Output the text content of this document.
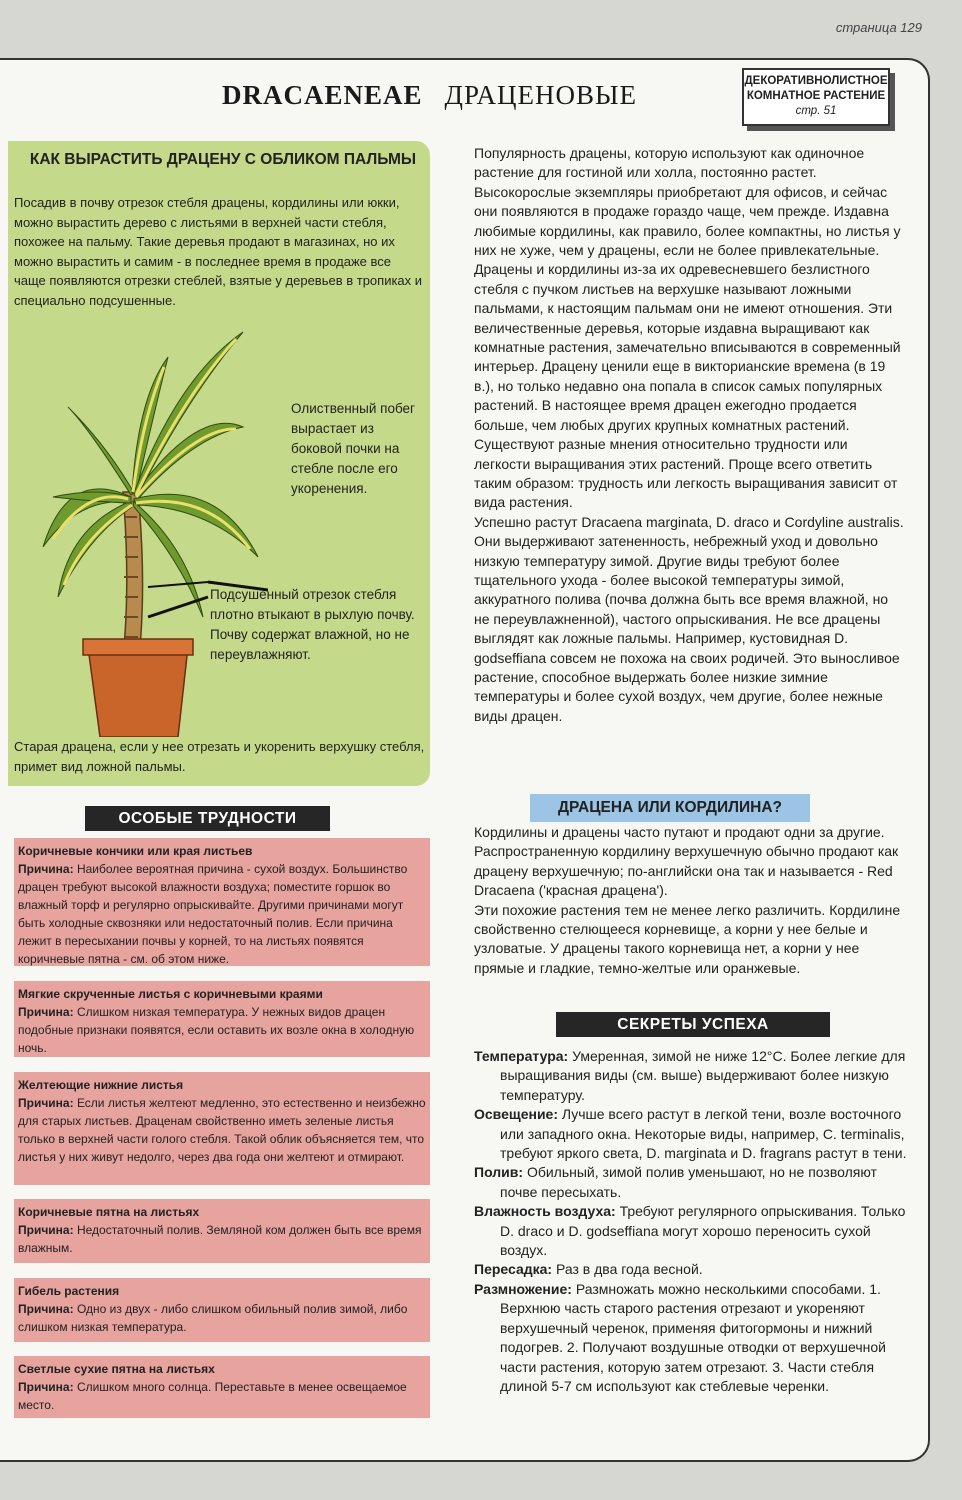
страница 129
DRACAENEAE ДРАЦЕНОВЫЕ	ДЕКОРАТИВНОЛИСТНОЕ
КОМНАТНОЕ РАСТЕНИЕ
стр. 51
КАК ВЫРАСТИТЬ ДРАЦЕНУ С ОБЛИКОМ ПАЛЬМЫ
Посадив в почву отрезок стебля драцены, кордилины или юкки, можно вырастить дерево с листьями в верхней части стебля, похожее на пальму. Такие деревья продают в магазинах, но их можно вырастить и самим - в последнее время в продаже все чаще появляются отрезки стеблей, взятые у деревьев в тропиках и специально подсушенные.
Олиственный побег вырастает из боковой почки на стебле после его укоренения.
Подсушенный отрезок стебля плотно втыкают в рыхлую почву. Почву содержат влажной, но не переувлажняют.
Старая драцена, если у нее отрезать и укоренить верхушку стебля, примет вид ложной пальмы.
ОСОБЫЕ ТРУДНОСТИ
Коричневые кончики или края листьев
Причина: Наиболее вероятная причина - сухой воздух. Большинство драцен требуют высокой влажности воздуха; поместите горшок во влажный торф и регулярно опрыскивайте. Другими причинами могут быть холодные сквозняки или недостаточный полив. Если причина лежит в пересыхании почвы у корней, то на листьях появятся коричневые пятна - см. об этом ниже.
Мягкие скрученные листья с коричневыми краями
Причина: Слишком низкая температура. У нежных видов драцен подобные признаки появятся, если оставить их возле окна в холодную ночь.
Желтеющие нижние листья
Причина: Если листья желтеют медленно, это естественно и неизбежно для старых листьев. Драценам свойственно иметь зеленые листья только в верхней части голого стебля. Такой облик объясняется тем, что листья у них живут недолго, через два года они желтеют и отмирают.
Коричневые пятна на листьях
Причина: Недостаточный полив. Земляной ком должен быть все время влажным.
Гибель растения
Причина: Одно из двух - либо слишком обильный полив зимой, либо слишком низкая температура.
Светлые сухие пятна на листьях
Причина: Слишком много солнца. Переставьте в менее освещаемое место.

Популярность драцены, которую используют как одиночное растение для гостиной или холла, постоянно растет. Высокорослые экземпляры приобретают для офисов, и сейчас они появляются в продаже гораздо чаще, чем прежде. Издавна любимые кордилины, как правило, более компактны, но листья у них не хуже, чем у драцены, если не более привлекательные.

Драцены и кордилины из-за их одревесневшего безлистного стебля с пучком листьев на верхушке называют ложными пальмами, к настоящим пальмам они не имеют отношения. Эти величественные деревья, которые издавна выращивают как комнатные растения, замечательно вписываются в современный интерьер. Драцену ценили еще в викторианские времена (в 19 в.), но только недавно она попала в список самых популярных растений. В настоящее время драцен ежегодно продается больше, чем любых других крупных комнатных растений.

Существуют разные мнения относительно трудности или легкости выращивания этих растений. Проще всего ответить таким образом: трудность или легкость выращивания зависит от вида растения.

Успешно растут Dracaena marginata, D. draco и Cordyline australis. Они выдерживают затененность, небрежный уход и довольно низкую температуру зимой. Другие виды требуют более тщательного ухода - более высокой температуры зимой, аккуратного полива (почва должна быть все время влажной, но не переувлажненной), частого опрыскивания. Не все драцены выглядят как ложные пальмы. Например, кустовидная D. godseffiana совсем не похожа на своих родичей. Это выносливое растение, способное выдержать более низкие зимние температуры и более сухой воздух, чем другие, более нежные виды драцен.

ДРАЦЕНА ИЛИ КОРДИЛИНА?

Кордилины и драцены часто путают и продают одни за другие. Распространенную кордилину верхушечную обычно продают как драцену верхушечную; по-английски она так и называется - Red Dracaena ('красная драцена').

Эти похожие растения тем не менее легко различить. Кордилине свойственно стелющееся корневище, а корни у нее белые и узловатые. У драцены такого корневища нет, а корни у нее прямые и гладкие, темно-желтые или оранжевые.

СЕКРЕТЫ УСПЕХА

Температура: Умеренная, зимой не ниже 12°С. Более легкие для выращивания виды (см. выше) выдерживают более низкую температуру.

Освещение: Лучше всего растут в легкой тени, возле восточного или западного окна. Некоторые виды, например, C. terminalis, требуют яркого света, D. marginata и D. fragrans растут в тени.

Полив: Обильный, зимой полив уменьшают, но не позволяют почве пересыхать.

Влажность воздуха: Требуют регулярного опрыскивания. Только D. draco и D. godseffiana могут хорошо переносить сухой воздух.

Пересадка: Раз в два года весной.

Размножение: Размножать можно несколькими способами. 1. Верхнюю часть старого растения отрезают и укореняют верхушечный черенок, применяя фитогормоны и нижний подогрев. 2. Получают воздушные отводки от верхушечной части растения, которую затем отрезают. 3. Части стебля длиной 5-7 см используют как стеблевые черенки.
